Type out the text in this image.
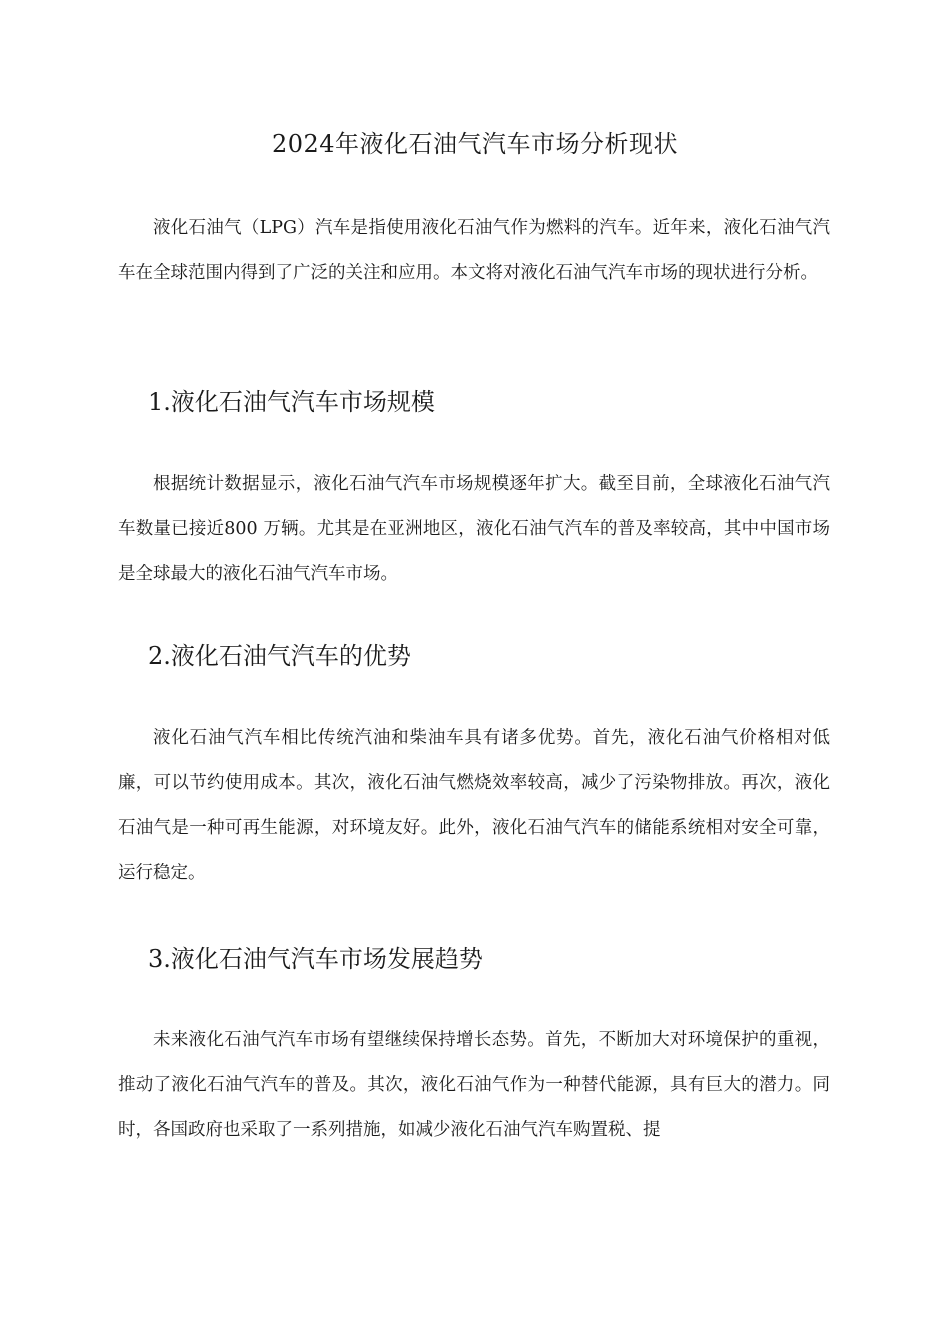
2024年液化石油气汽车市场分析现状

液化石油气（LPG）汽车是指使用液化石油气作为燃料的汽车。近年来，液化石油气汽车在全球范围内得到了广泛的关注和应用。本文将对液化石油气汽车市场的现状进行分析。

1.液化石油气汽车市场规模

根据统计数据显示，液化石油气汽车市场规模逐年扩大。截至目前，全球液化石油气汽车数量已接近800 万辆。尤其是在亚洲地区，液化石油气汽车的普及率较高，其中中国市场是全球最大的液化石油气汽车市场。

2.液化石油气汽车的优势

液化石油气汽车相比传统汽油和柴油车具有诸多优势。首先，液化石油气价格相对低廉，可以节约使用成本。其次，液化石油气燃烧效率较高，减少了污染物排放。再次，液化石油气是一种可再生能源，对环境友好。此外，液化石油气汽车的储能系统相对安全可靠，运行稳定。

3.液化石油气汽车市场发展趋势

未来液化石油气汽车市场有望继续保持增长态势。首先，不断加大对环境保护的重视，推动了液化石油气汽车的普及。其次，液化石油气作为一种替代能源，具有巨大的潜力。同时，各国政府也采取了一系列措施，如减少液化石油气汽车购置税、提
